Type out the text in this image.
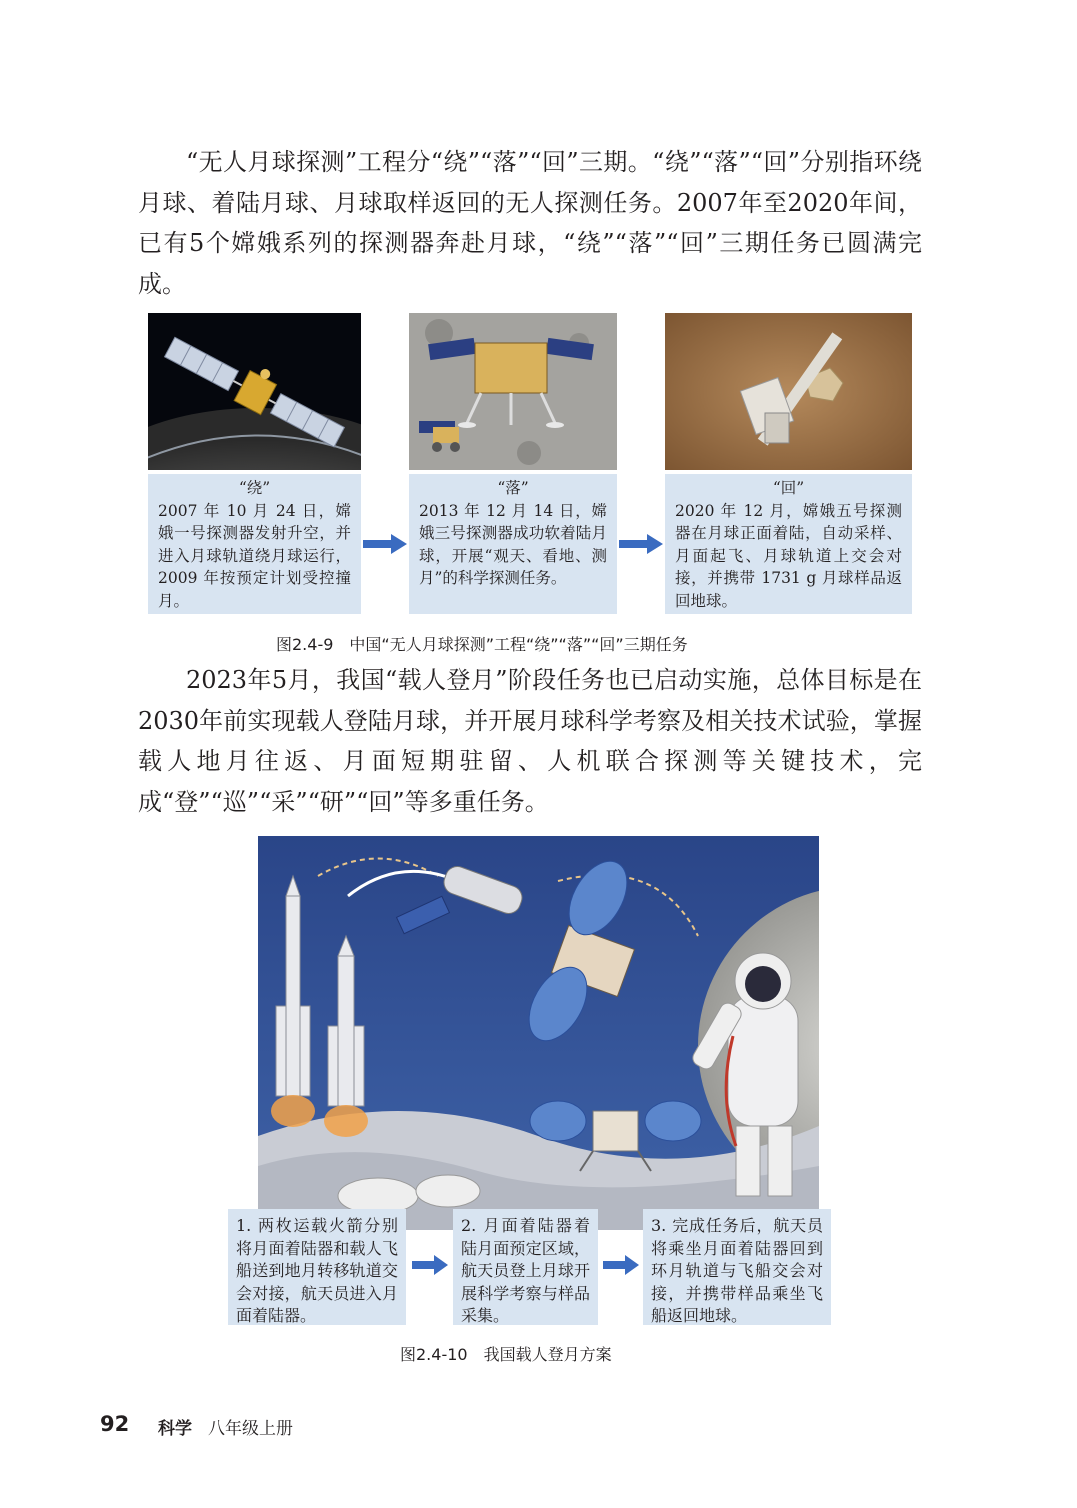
“无人月球探测”工程分“绕”“落”“回”三期。“绕”“落”“回”分别指环绕月球、着陆月球、月球取样返回的无人探测任务。2007年至2020年间，已有5个嫦娥系列的探测器奔赴月球，“绕”“落”“回”三期任务已圆满完成。

“绕”
2007 年 10 月 24 日，嫦娥一号探测器发射升空，并进入月球轨道绕月球运行，2009 年按预定计划受控撞月。
“落”
2013 年 12 月 14 日，嫦娥三号探测器成功软着陆月球，开展“观天、看地、测月”的科学探测任务。
“回”
2020 年 12 月，嫦娥五号探测器在月球正面着陆，自动采样、月面起飞、月球轨道上交会对接，并携带 1731 g 月球样品返回地球。
图2.4-9　中国“无人月球探测”工程“绕”“落”“回”三期任务

2023年5月，我国“载人登月”阶段任务也已启动实施，总体目标是在2030年前实现载人登陆月球，并开展月球科学考察及相关技术试验，掌握载人地月往返、月面短期驻留、人机联合探测等关键技术，完成“登”“巡”“采”“研”“回”等多重任务。

1. 两枚运载火箭分别将月面着陆器和载人飞船送到地月转移轨道交会对接，航天员进入月面着陆器。
2. 月面着陆器着陆月面预定区域，航天员登上月球开展科学考察与样品采集。
3. 完成任务后，航天员将乘坐月面着陆器回到环月轨道与飞船交会对接，并携带样品乘坐飞船返回地球。
图2.4-10　我国载人登月方案
92 科学 八年级上册
